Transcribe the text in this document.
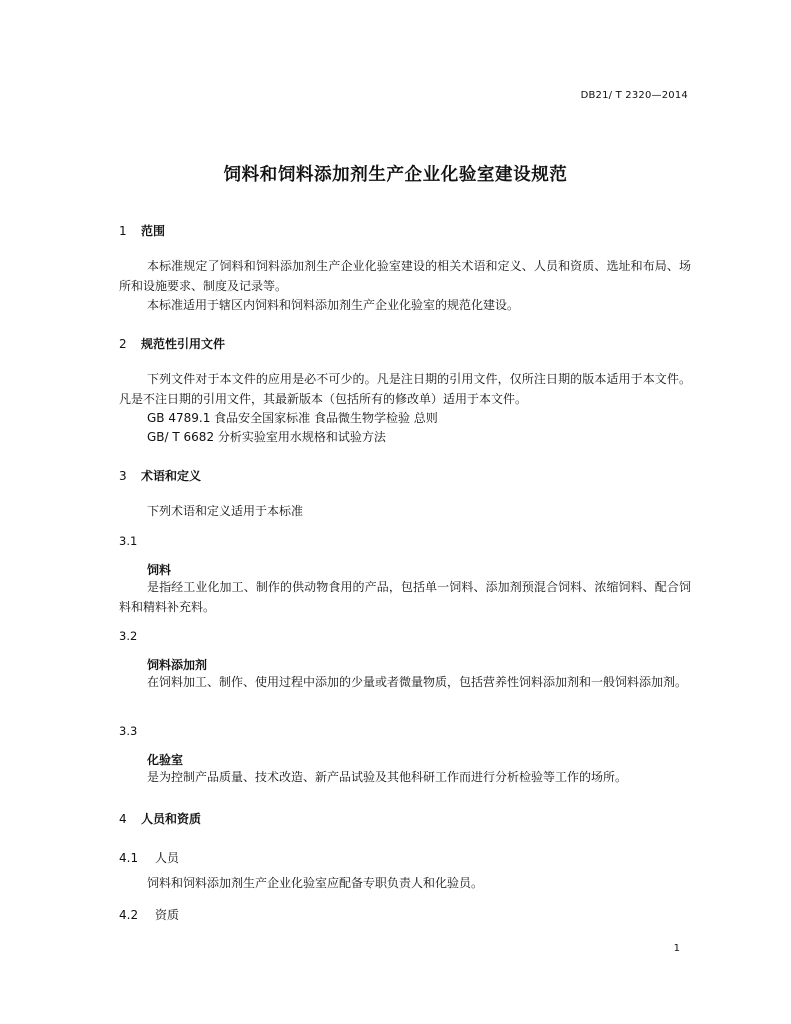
DB21/ T 2320—2014
饲料和饲料添加剂生产企业化验室建设规范
1 范围

本标准规定了饲料和饲料添加剂生产企业化验室建设的相关术语和定义、人员和资质、选址和布局、场所和设施要求、制度及记录等。

本标准适用于辖区内饲料和饲料添加剂生产企业化验室的规范化建设。

2 规范性引用文件

下列文件对于本文件的应用是必不可少的。凡是注日期的引用文件，仅所注日期的版本适用于本文件。凡是不注日期的引用文件，其最新版本（包括所有的修改单）适用于本文件。

GB 4789.1 食品安全国家标准 食品微生物学检验 总则
GB/ T 6682 分析实验室用水规格和试验方法
3 术语和定义
下列术语和定义适用于本标准
3.1
饲料

是指经工业化加工、制作的供动物食用的产品，包括单一饲料、添加剂预混合饲料、浓缩饲料、配合饲料和精料补充料。

3.2
饲料添加剂

在饲料加工、制作、使用过程中添加的少量或者微量物质，包括营养性饲料添加剂和一般饲料添加剂。

3.3
化验室

是为控制产品质量、技术改造、新产品试验及其他科研工作而进行分析检验等工作的场所。

4 人员和资质
4.1 人员
饲料和饲料添加剂生产企业化验室应配备专职负责人和化验员。
4.2 资质
1
